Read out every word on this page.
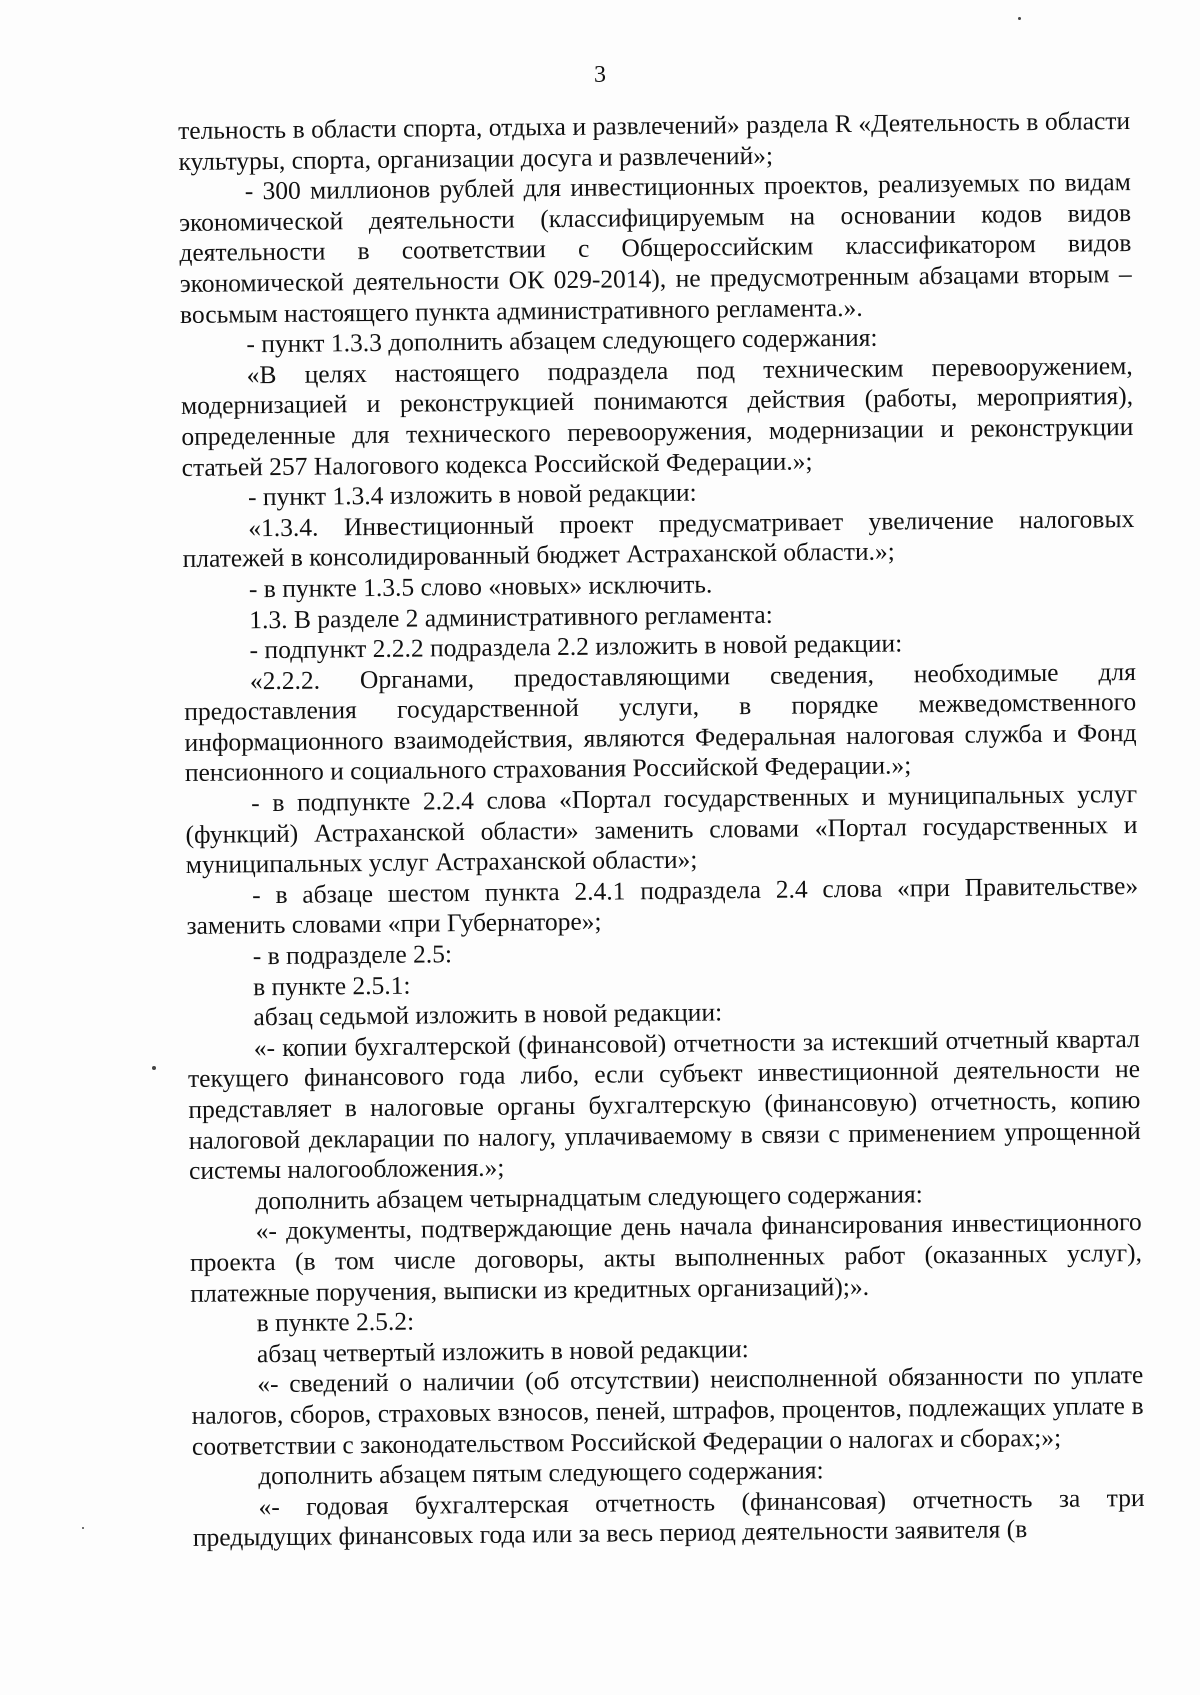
3

тельность в области спорта, отдыха и развлечений» раздела R «Деятельность в области культуры, спорта, организации досуга и развлечений»;

- 300 миллионов рублей для инвестиционных проектов, реализуемых по видам экономической деятельности (классифицируемым на основании кодов видов деятельности в соответствии с Общероссийским классификатором видов экономической деятельности ОК 029-2014), не предусмотренным абзацами вторым – восьмым настоящего пункта административного регламента.».

- пункт 1.3.3 дополнить абзацем следующего содержания:

«В целях настоящего подраздела под техническим перевооружением, модернизацией и реконструкцией понимаются действия (работы, мероприятия), определенные для технического перевооружения, модернизации и реконструкции статьей 257 Налогового кодекса Российской Федерации.»;

- пункт 1.3.4 изложить в новой редакции:

«1.3.4. Инвестиционный проект предусматривает увеличение налоговых платежей в консолидированный бюджет Астраханской области.»;

- в пункте 1.3.5 слово «новых» исключить.

1.3. В разделе 2 административного регламента:

- подпункт 2.2.2 подраздела 2.2 изложить в новой редакции:

«2.2.2. Органами, предоставляющими сведения, необходимые для предоставления государственной услуги, в порядке межведомственного информационного взаимодействия, являются Федеральная налоговая служба и Фонд пенсионного и социального страхования Российской Федерации.»;

- в подпункте 2.2.4 слова «Портал государственных и муниципальных услуг (функций) Астраханской области» заменить словами «Портал государственных и муниципальных услуг Астраханской области»;

- в абзаце шестом пункта 2.4.1 подраздела 2.4 слова «при Правительстве» заменить словами «при Губернаторе»;

- в подразделе 2.5:

в пункте 2.5.1:

абзац седьмой изложить в новой редакции:

«- копии бухгалтерской (финансовой) отчетности за истекший отчетный квартал текущего финансового года либо, если субъект инвестиционной деятельности не представляет в налоговые органы бухгалтерскую (финансовую) отчетность, копию налоговой декларации по налогу, уплачиваемому в связи с применением упрощенной системы налогообложения.»;

дополнить абзацем четырнадцатым следующего содержания:

«- документы, подтверждающие день начала финансирования инвестиционного проекта (в том числе договоры, акты выполненных работ (оказанных услуг), платежные поручения, выписки из кредитных организаций);».

в пункте 2.5.2:

абзац четвертый изложить в новой редакции:

«- сведений о наличии (об отсутствии) неисполненной обязанности по уплате налогов, сборов, страховых взносов, пеней, штрафов, процентов, подлежащих уплате в соответствии с законодательством Российской Федерации о налогах и сборах;»;

дополнить абзацем пятым следующего содержания:

«- годовая бухгалтерская отчетность (финансовая) отчетность за три предыдущих финансовых года или за весь период деятельности заявителя (в
